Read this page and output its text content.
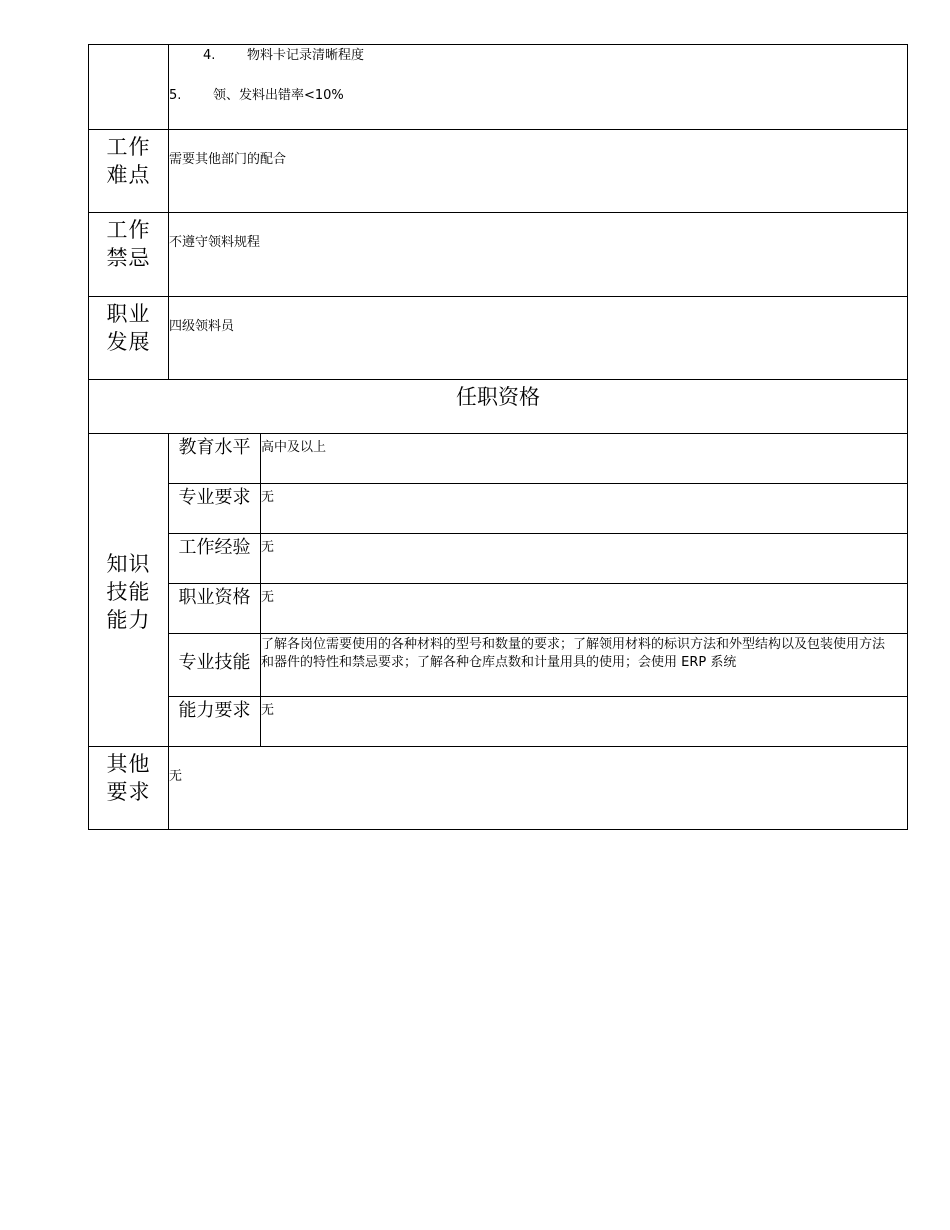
	4. 物料卡记录清晰程度
5. 领、发料出错率<10%	

工作
难点	需要其他部门的配合	
工作
禁忌	不遵守领料规程	
职业
发展	四级领料员	
任职资格		
知识
技能
能力	教育水平	高中及以上
	专业要求	无
	工作经验	无
	职业资格	无
	专业技能	了解各岗位需要使用的各种材料的型号和数量的要求；了解领用材料的标识方法和外型结构以及包装使用方法和器件的特性和禁忌要求；了解各种仓库点数和计量用具的使用；会使用 ERP 系统
	能力要求	无
其他
要求	无	
